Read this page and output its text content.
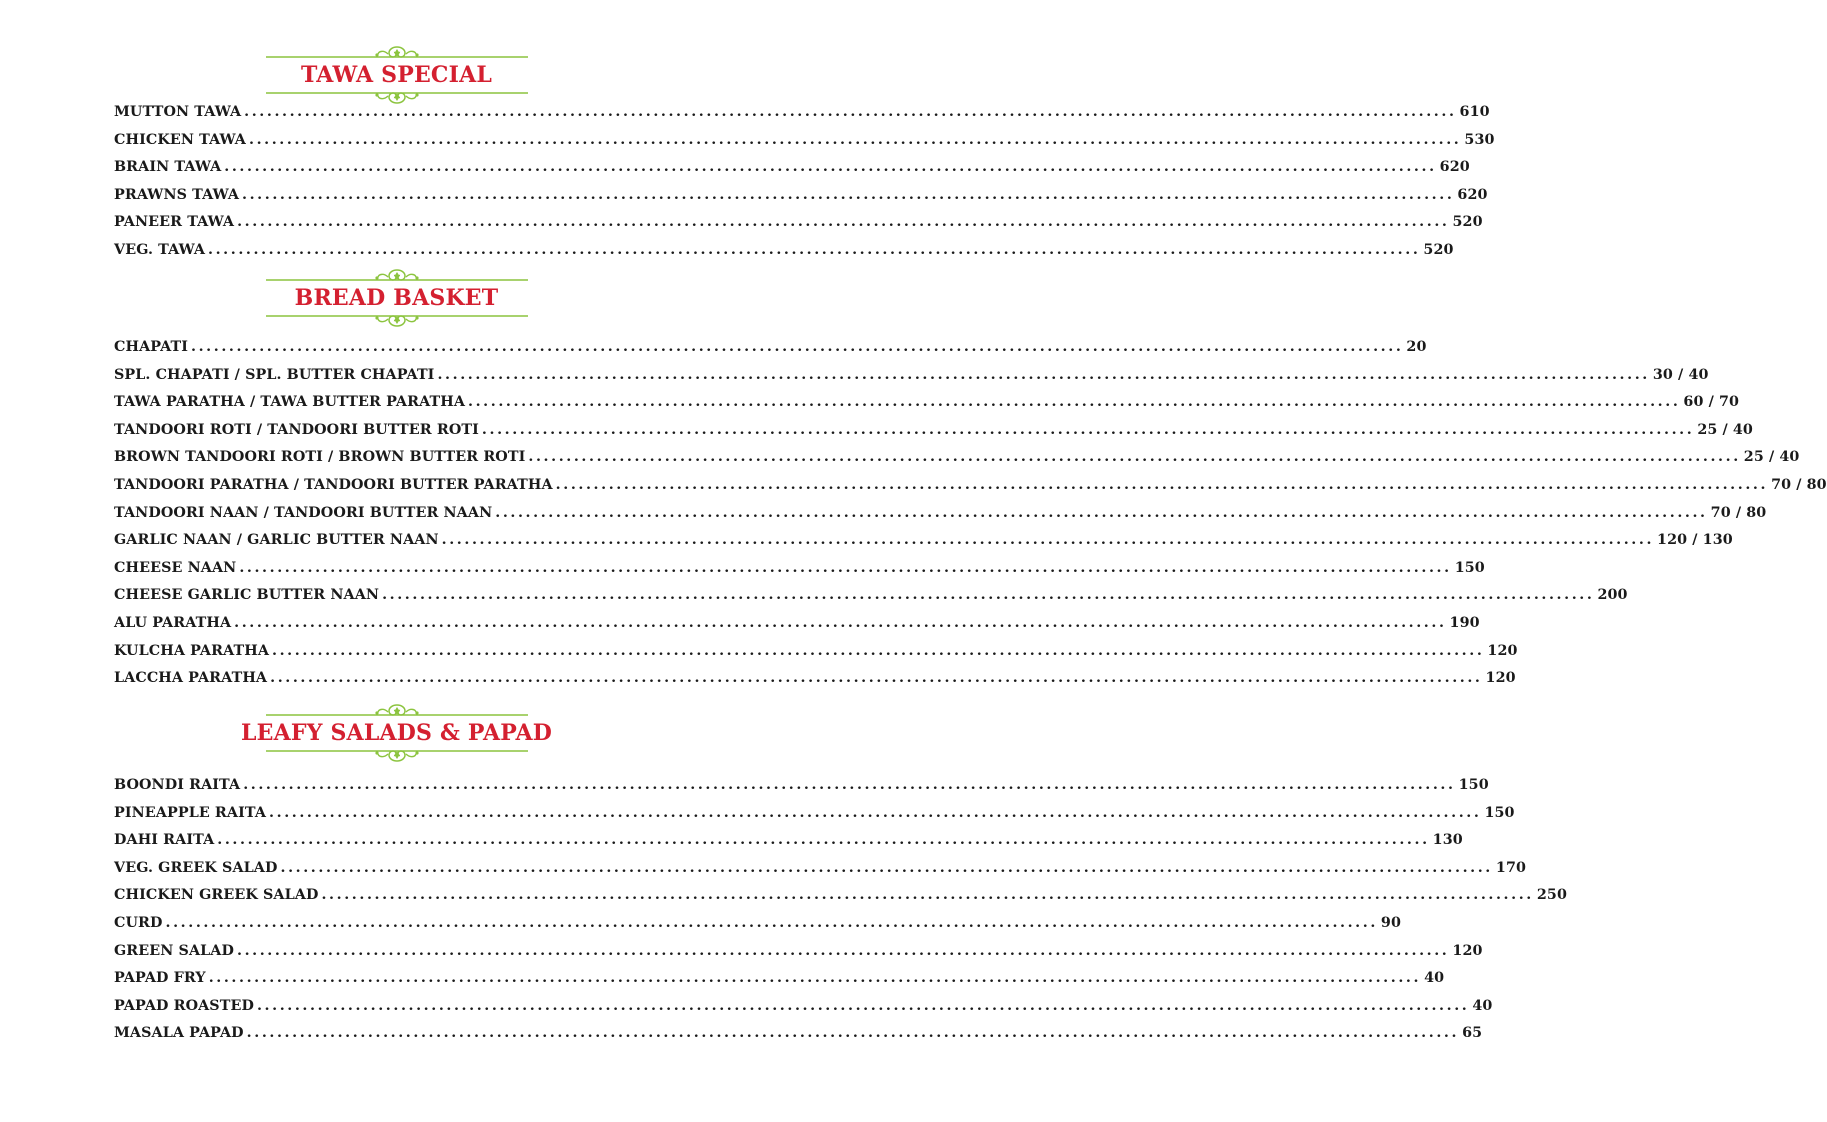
TAWA SPECIAL
MUTTON TAWA ................................................................................................................................................................ 610
CHICKEN TAWA ................................................................................................................................................................ 530
BRAIN TAWA ................................................................................................................................................................ 620
PRAWNS TAWA ................................................................................................................................................................ 620
PANEER TAWA ................................................................................................................................................................ 520
VEG. TAWA ................................................................................................................................................................ 520
BREAD BASKET
CHAPATI ................................................................................................................................................................ 20
SPL. CHAPATI / SPL. BUTTER CHAPATI ................................................................................................................................................................ 30 / 40
TAWA PARATHA / TAWA BUTTER PARATHA ................................................................................................................................................................ 60 / 70
TANDOORI ROTI / TANDOORI BUTTER ROTI ................................................................................................................................................................ 25 / 40
BROWN TANDOORI ROTI / BROWN BUTTER ROTI ................................................................................................................................................................ 25 / 40
TANDOORI PARATHA / TANDOORI BUTTER PARATHA ................................................................................................................................................................ 70 / 80
TANDOORI NAAN / TANDOORI BUTTER NAAN ................................................................................................................................................................ 70 / 80
GARLIC NAAN / GARLIC BUTTER NAAN ................................................................................................................................................................ 120 / 130
CHEESE NAAN ................................................................................................................................................................ 150
CHEESE GARLIC BUTTER NAAN ................................................................................................................................................................ 200
ALU PARATHA ................................................................................................................................................................ 190
KULCHA PARATHA ................................................................................................................................................................ 120
LACCHA PARATHA ................................................................................................................................................................ 120
LEAFY SALADS & PAPAD
BOONDI RAITA ................................................................................................................................................................ 150
PINEAPPLE RAITA ................................................................................................................................................................ 150
DAHI RAITA ................................................................................................................................................................ 130
VEG. GREEK SALAD ................................................................................................................................................................ 170
CHICKEN GREEK SALAD ................................................................................................................................................................ 250
CURD ................................................................................................................................................................ 90
GREEN SALAD ................................................................................................................................................................ 120
PAPAD FRY ................................................................................................................................................................ 40
PAPAD ROASTED ................................................................................................................................................................ 40
MASALA PAPAD ................................................................................................................................................................ 65
